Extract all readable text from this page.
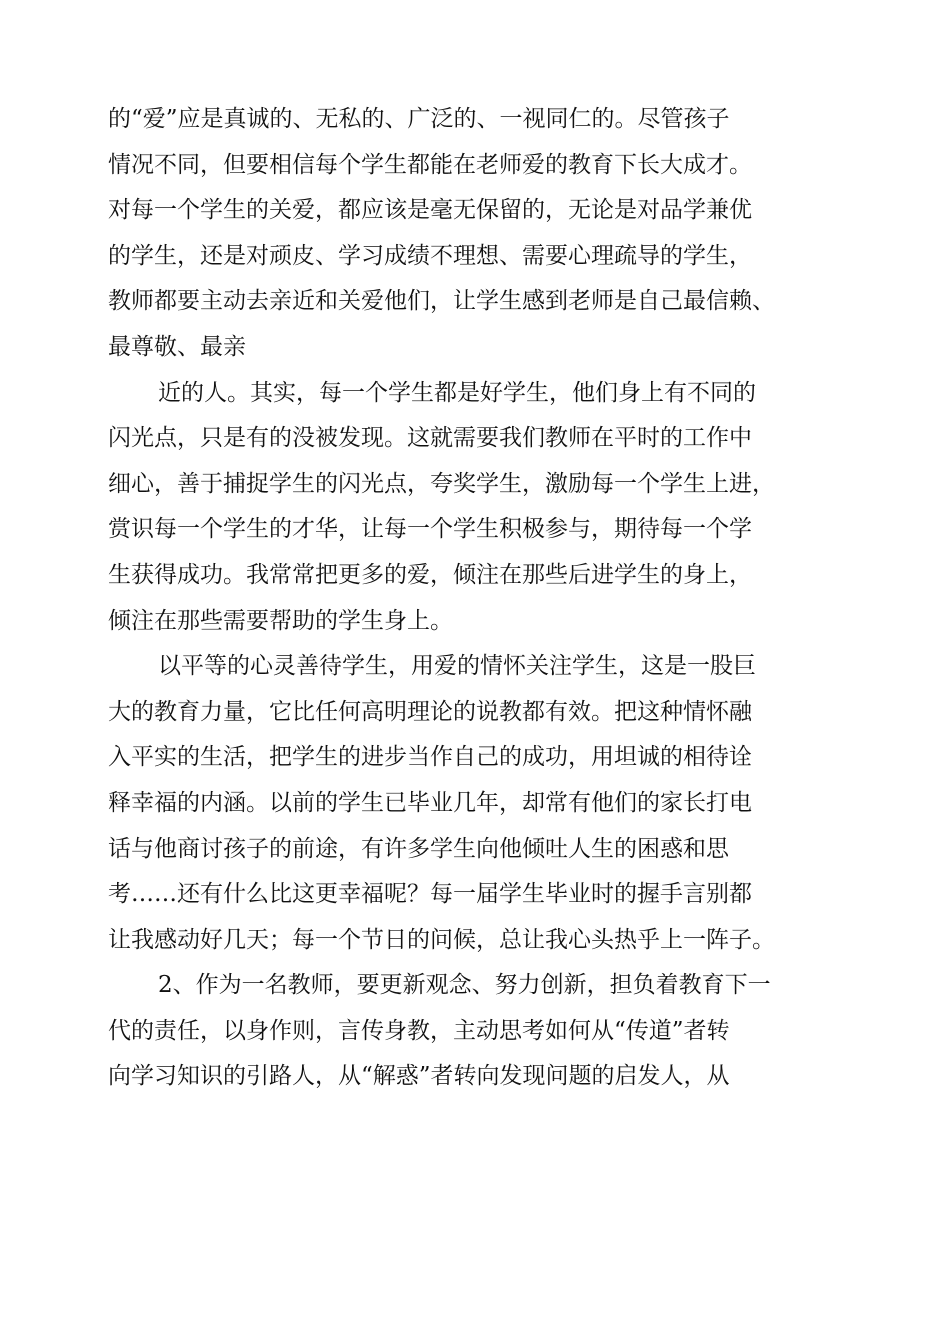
的“爱”应是真诚的、无私的、广泛的、一视同仁的。尽管孩子
情况不同，但要相信每个学生都能在老师爱的教育下长大成才。
对每一个学生的关爱，都应该是毫无保留的，无论是对品学兼优
的学生，还是对顽皮、学习成绩不理想、需要心理疏导的学生，
教师都要主动去亲近和关爱他们，让学生感到老师是自己最信赖、
最尊敬、最亲
近的人。其实，每一个学生都是好学生，他们身上有不同的
闪光点，只是有的没被发现。这就需要我们教师在平时的工作中
细心，善于捕捉学生的闪光点，夸奖学生，激励每一个学生上进，
赏识每一个学生的才华，让每一个学生积极参与，期待每一个学
生获得成功。我常常把更多的爱，倾注在那些后进学生的身上，
倾注在那些需要帮助的学生身上。
以平等的心灵善待学生，用爱的情怀关注学生，这是一股巨
大的教育力量，它比任何高明理论的说教都有效。把这种情怀融
入平实的生活，把学生的进步当作自己的成功，用坦诚的相待诠
释幸福的内涵。以前的学生已毕业几年，却常有他们的家长打电
话与他商讨孩子的前途，有许多学生向他倾吐人生的困惑和思
考……还有什么比这更幸福呢？每一届学生毕业时的握手言别都
让我感动好几天；每一个节日的问候，总让我心头热乎上一阵子。
2、作为一名教师，要更新观念、努力创新，担负着教育下一
代的责任，以身作则，言传身教，主动思考如何从“传道”者转
向学习知识的引路人，从“解惑”者转向发现问题的启发人，从
